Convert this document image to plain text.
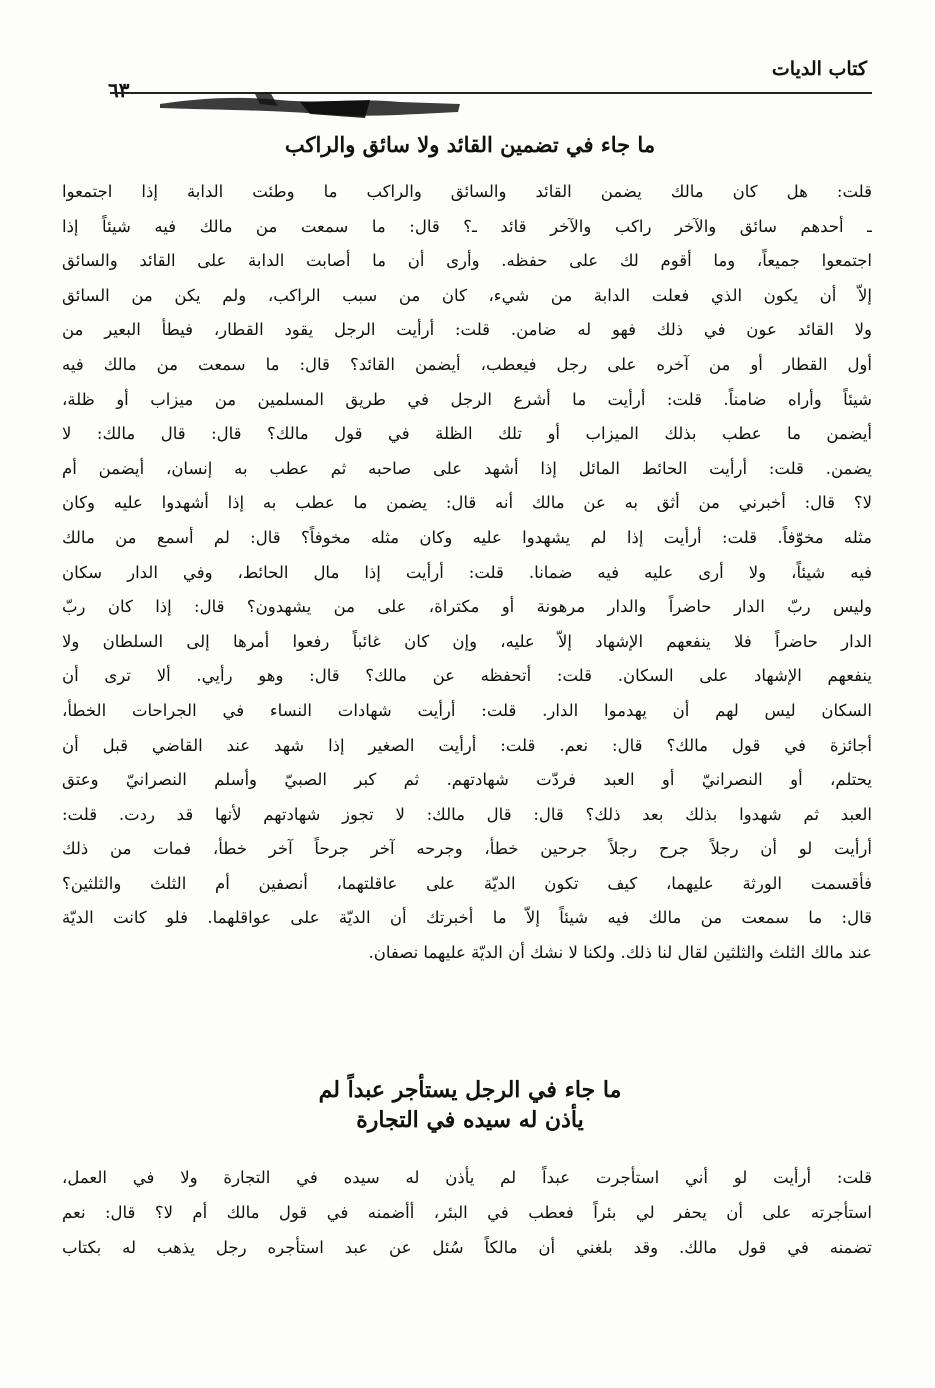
كتاب الديات
٦٣
ما جاء في تضمين القائد ولا سائق والراكب
قلت: هل كان مالك يضمن القائد والسائق والراكب ما وطئت الدابة إذا اجتمعوا
ـ أحدهم سائق والآخر راكب والآخر قائد ـ؟ قال: ما سمعت من مالك فيه شيئاً إذا
اجتمعوا جميعاً، وما أقوم لك على حفظه. وأرى أن ما أصابت الدابة على القائد والسائق
إلاّ أن يكون الذي فعلت الدابة من شيء، كان من سبب الراكب، ولم يكن من السائق
ولا القائد عون في ذلك فهو له ضامن. قلت: أرأيت الرجل يقود القطار، فيطأ البعير من
أول القطار أو من آخره على رجل فيعطب، أيضمن القائد؟ قال: ما سمعت من مالك فيه
شيئاً وأراه ضامناً. قلت: أرأيت ما أشرع الرجل في طريق المسلمين من ميزاب أو ظلة،
أيضمن ما عطب بذلك الميزاب أو تلك الظلة في قول مالك؟ قال: قال مالك: لا
يضمن. قلت: أرأيت الحائط المائل إذا أشهد على صاحبه ثم عطب به إنسان، أيضمن أم
لا؟ قال: أخبرني من أثق به عن مالك أنه قال: يضمن ما عطب به إذا أشهدوا عليه وكان
مثله مخوّفاً. قلت: أرأيت إذا لم يشهدوا عليه وكان مثله مخوفاً؟ قال: لم أسمع من مالك
فيه شيئاً، ولا أرى عليه فيه ضمانا. قلت: أرأيت إذا مال الحائط، وفي الدار سكان
وليس ربّ الدار حاضراً والدار مرهونة أو مكتراة، على من يشهدون؟ قال: إذا كان ربّ
الدار حاضراً فلا ينفعهم الإشهاد إلاّ عليه، وإن كان غائباً رفعوا أمرها إلى السلطان ولا
ينفعهم الإشهاد على السكان. قلت: أتحفظه عن مالك؟ قال: وهو رأيي. ألا ترى أن
السكان ليس لهم أن يهدموا الدار. قلت: أرأيت شهادات النساء في الجراحات الخطأ،
أجائزة في قول مالك؟ قال: نعم. قلت: أرأيت الصغير إذا شهد عند القاضي قبل أن
يحتلم، أو النصرانيّ أو العبد فردّت شهادتهم. ثم كبر الصبيّ وأسلم النصرانيّ وعتق
العبد ثم شهدوا بذلك بعد ذلك؟ قال: قال مالك: لا تجوز شهادتهم لأنها قد ردت. قلت:
أرأيت لو أن رجلاً جرح رجلاً جرحين خطأ، وجرحه آخر جرحاً آخر خطأ، فمات من ذلك
فأقسمت الورثة عليهما، كيف تكون الديّة على عاقلتهما، أنصفين أم الثلث والثلثين؟
قال: ما سمعت من مالك فيه شيئاً إلاّ ما أخبرتك أن الديّة على عواقلهما. فلو كانت الديّة
عند مالك الثلث والثلثين لقال لنا ذلك. ولكنا لا نشك أن الديّة عليهما نصفان.
ما جاء في الرجل يستأجر عبداً لم
يأذن له سيده في التجارة
قلت: أرأيت لو أني استأجرت عبداً لم يأذن له سيده في التجارة ولا في العمل،
استأجرته على أن يحفر لي بئراً فعطب في البئر، أأضمنه في قول مالك أم لا؟ قال: نعم
تضمنه في قول مالك. وقد بلغني أن مالكاً سُئل عن عبد استأجره رجل يذهب له بكتاب
